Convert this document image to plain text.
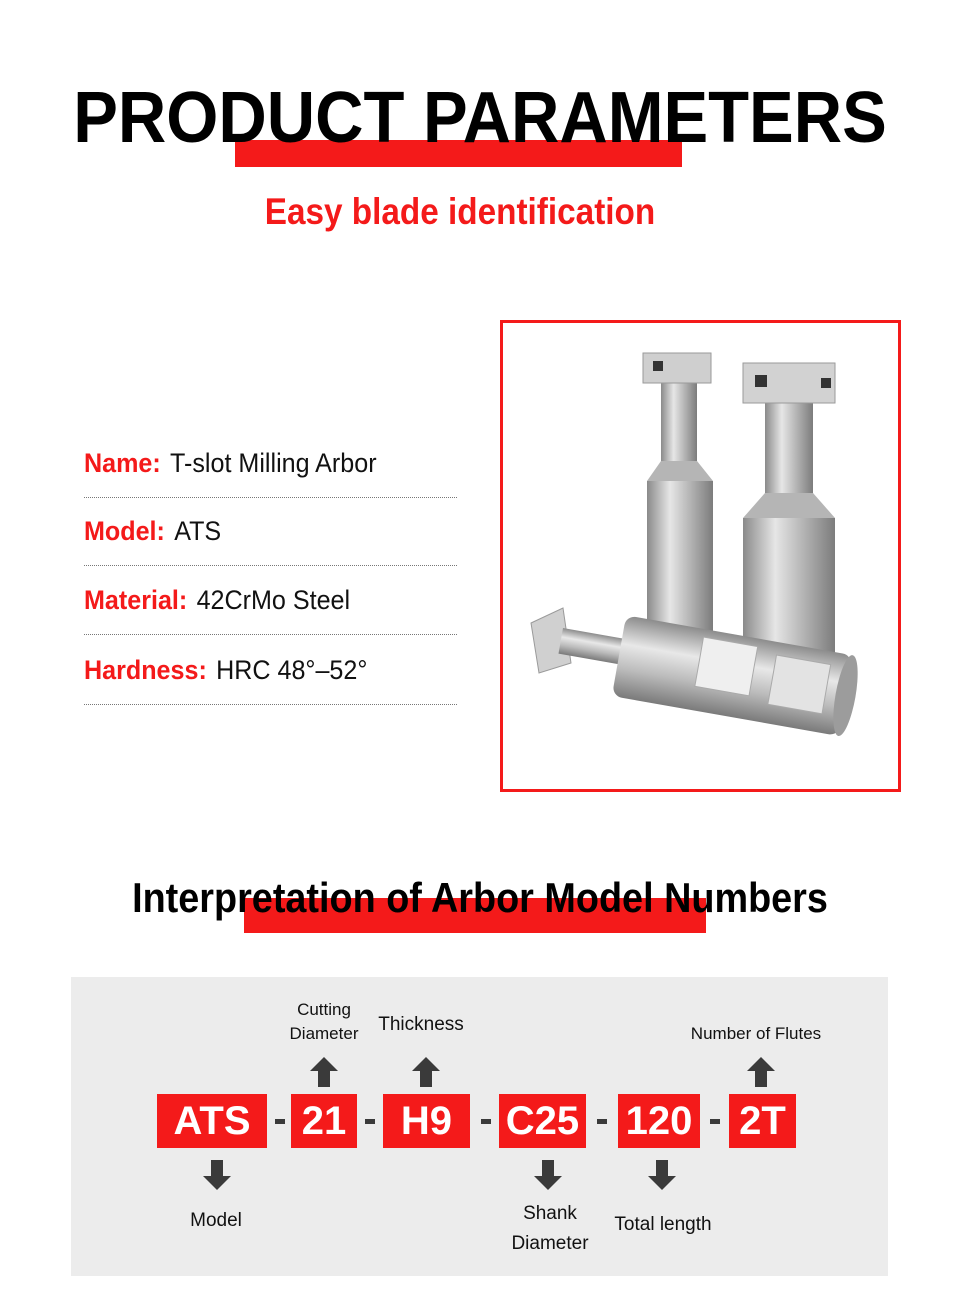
PRODUCT PARAMETERS
Easy blade identification
Name: T-slot Milling Arbor
Model: ATS
Material: 42CrMo Steel
Hardness: HRC 48°–52°
Interpretation of Arbor Model Numbers
Cutting
Diameter	Thickness	Number of Flutes
ATS	21	H9	C25 120 2T
Model	Shank
Diameter
Total length
